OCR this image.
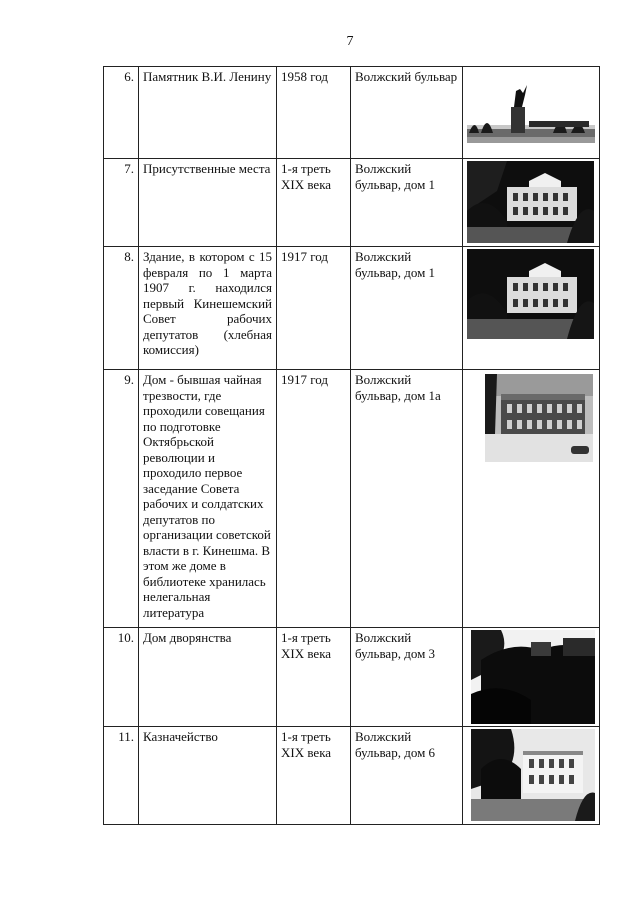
7
6.	Памятник В.И. Ленину	1958 год	Волжский бульвар	

7.	Присутственные места	1-я треть XIX века	Волжский бульвар, дом 1	

8.	Здание, в котором с 15 февраля по 1 марта 1907 г. находился первый Кинешемский Совет рабочих депутатов (хлебная комиссия)	1917 год	Волжский бульвар, дом 1	

9.	Дом - бывшая чайная трезвости, где проходили совещания по подготовке Октябрьской революции и проходило первое заседание Совета рабочих и солдатских депутатов по организации советской власти в г. Кинешма. В этом же доме в библиотеке хранилась нелегальная литература	1917 год	Волжский бульвар, дом 1а	

10.	Дом дворянства	1-я треть XIX века	Волжский бульвар, дом 3	

11.	Казначейство	1-я треть XIX века	Волжский бульвар, дом 6	
